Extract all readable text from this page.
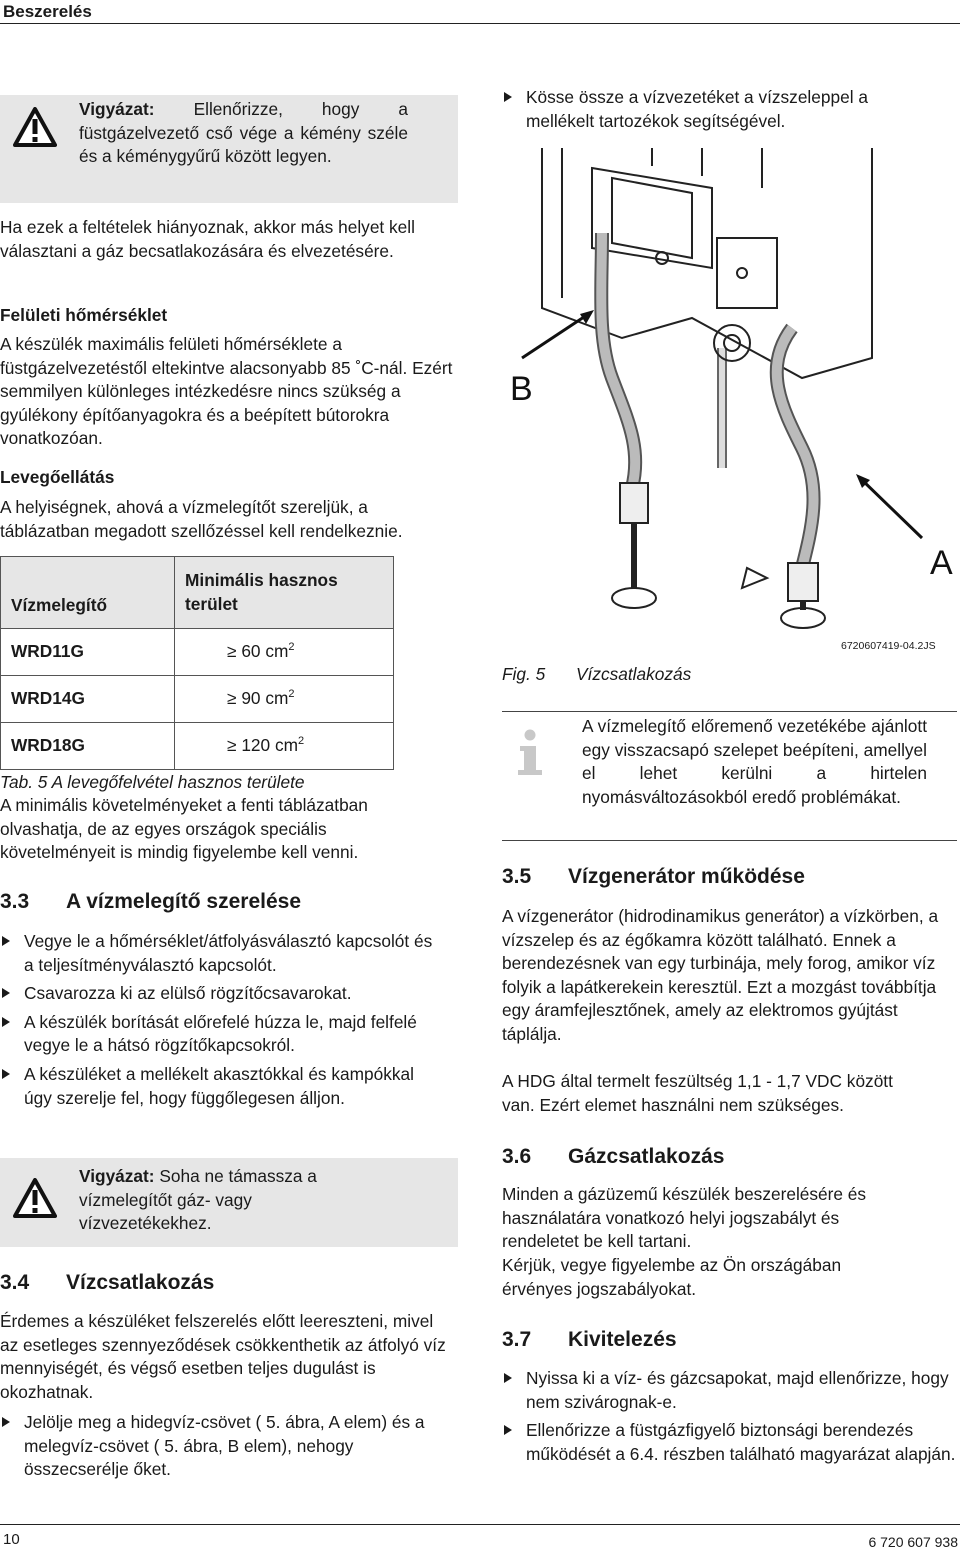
Beszerelés
Vigyázat: Ellenőrizze, hogy a füstgázelvezető cső vége a kémény széle és a kéménygyűrű között legyen.
Ha ezek a feltételek hiányoznak, akkor más helyet kell választani a gáz becsatlakozására és elvezetésére.
Felületi hőmérséklet
A készülék maximális felületi hőmérséklete a füstgázelvezetéstől eltekintve alacsonyabb 85 ˚C-nál. Ezért semmilyen különleges intézkedésre nincs szükség a gyúlékony építőanyagokra és a beépített bútorokra vonatkozóan.
Levegőellátás
A helyiségnek, ahová a vízmelegítőt szereljük, a táblázatban megadott szellőzéssel kell rendelkeznie.
Vízmelegítő	Minimális hasznos terület
WRD11G	≥ 60 $cm^2$
WRD14G	≥ 90 $cm^2$
WRD18G	≥ 120 $cm^2$
Tab. 5 A levegőfelvétel hasznos területe
A minimális követelményeket a fenti táblázatban olvashatja, de az egyes országok speciális követelményeit is mindig figyelembe kell venni.
3.3 A vízmelegítő szerelése
Vegye le a hőmérséklet/átfolyásválasztó kapcsolót és a teljesítményválasztó kapcsolót.
Csavarozza ki az elülső rögzítőcsavarokat.
A készülék borítását előrefelé húzza le, majd felfelé vegye le a hátsó rögzítőkapcsokról.
A készüléket a mellékelt akasztókkal és kampókkal úgy szerelje fel, hogy függőlegesen álljon.
Vigyázat: Soha ne támassza a vízmelegítőt gáz- vagy vízvezetékekhez.
3.4 Vízcsatlakozás
Érdemes a készüléket felszerelés előtt leereszteni, mivel az esetleges szennyeződések csökkenthetik az átfolyó víz mennyiségét, és végső esetben teljes dugulást is okozhatnak.
Jelölje meg a hidegvíz-csövet ( 5. ábra, A elem) és a melegvíz-csövet ( 5. ábra, B elem), nehogy összecserélje őket.
Kösse össze a vízvezetéket a vízszeleppel a mellékelt tartozékok segítségével.
B
A
6720607419-04.2JS
Fig. 5 Vízcsatlakozás
A vízmelegítő előremenő vezetékébe ajánlott egy visszacsapó szelepet beépíteni, amellyel el lehet kerülni a hirtelen nyomásváltozásokból eredő problémákat.
3.5 Vízgenerátor működése
A vízgenerátor (hidrodinamikus generátor) a vízkörben, a vízszelep és az égőkamra között található. Ennek a berendezésnek van egy turbinája, mely forog, amikor víz folyik a lapátkerekein keresztül. Ezt a mozgást továbbítja egy áramfejlesztőnek, amely az elektromos gyújtást táplálja.
A HDG által termelt feszültség 1,1 - 1,7 VDC között van. Ezért elemet használni nem szükséges.
3.6 Gázcsatlakozás
Minden a gázüzemű készülék beszerelésére és használatára vonatkozó helyi jogszabályt és rendeletet be kell tartani.
Kérjük, vegye figyelembe az Ön országában érvényes jogszabályokat.
3.7 Kivitelezés
Nyissa ki a víz- és gázcsapokat, majd ellenőrizze, hogy nem szivárognak-e.
Ellenőrizze a füstgázfigyelő biztonsági berendezés működését a 6.4. részben található magyarázat alapján.
10	6 720 607 938
